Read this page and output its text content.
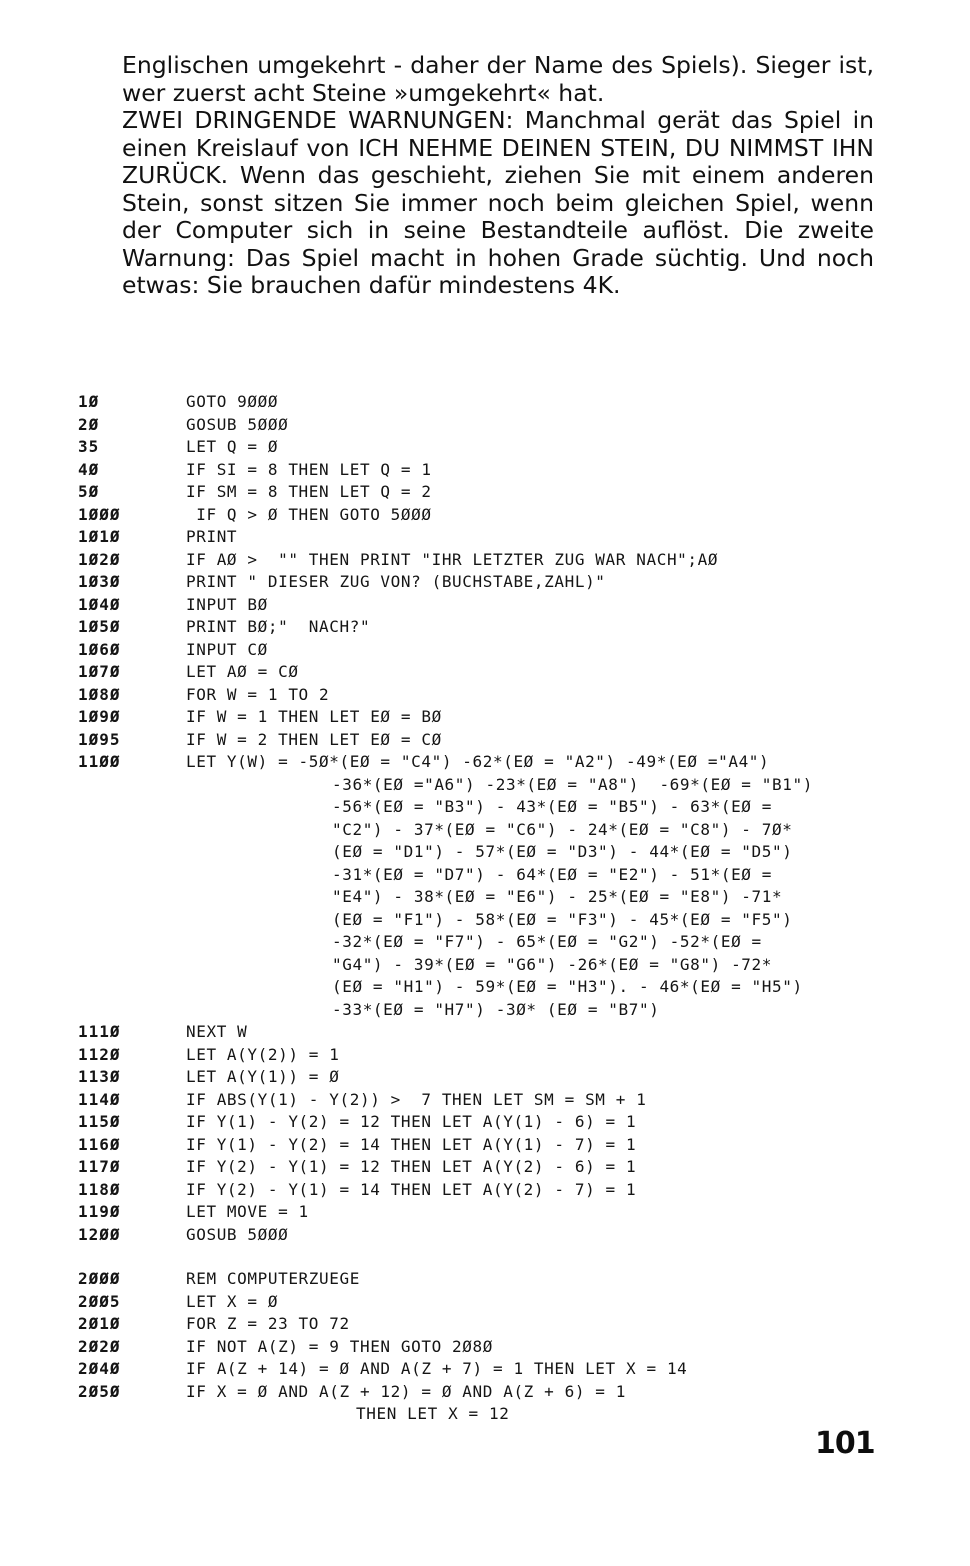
Englischen umgekehrt - daher der Name des Spiels). Sieger ist, wer zuerst acht Steine »umgekehrt« hat.

ZWEI DRINGENDE WARNUNGEN: Manchmal gerät das Spiel in einen Kreislauf von ICH NEHME DEINEN STEIN, DU NIMMST IHN ZURÜCK. Wenn das geschieht, ziehen Sie mit einem anderen Stein, sonst sitzen Sie immer noch beim gleichen Spiel, wenn der Computer sich in seine Bestandteile auflöst. Die zweite Warnung: Das Spiel macht in hohen Grade süchtig. Und noch etwas: Sie brauchen dafür mindestens 4K.

1Ø	GOTO 9ØØØ
2Ø	GOSUB 5ØØØ
35	LET Q = Ø
4Ø	IF SI = 8 THEN LET Q = 1
5Ø	IF SM = 8 THEN LET Q = 2
1ØØØ	IF Q > Ø THEN GOTO 5ØØØ
1Ø1Ø	PRINT
1Ø2Ø	IF AØ >  "" THEN PRINT "IHR LETZTER ZUG WAR NACH";AØ
1Ø3Ø	PRINT " DIESER ZUG VON? (BUCHSTABE,ZAHL)"
1Ø4Ø	INPUT BØ
1Ø5Ø	PRINT BØ;"  NACH?"
1Ø6Ø	INPUT CØ
1Ø7Ø	LET AØ = CØ
1Ø8Ø	FOR W = 1 TO 2
1Ø9Ø	IF W = 1 THEN LET EØ = BØ
1Ø95	IF W = 2 THEN LET EØ = CØ
11ØØ	LET Y(W) = -5Ø*(EØ = "C4") -62*(EØ = "A2") -49*(EØ ="A4")
-36*(EØ ="A6") -23*(EØ = "A8")  -69*(EØ = "B1")
-56*(EØ = "B3") - 43*(EØ = "B5") - 63*(EØ =
"C2") - 37*(EØ = "C6") - 24*(EØ = "C8") - 7Ø*
(EØ = "D1") - 57*(EØ = "D3") - 44*(EØ = "D5")
-31*(EØ = "D7") - 64*(EØ = "E2") - 51*(EØ =
"E4") - 38*(EØ = "E6") - 25*(EØ = "E8") -71*
(EØ = "F1") - 58*(EØ = "F3") - 45*(EØ = "F5")
-32*(EØ = "F7") - 65*(EØ = "G2") -52*(EØ =
"G4") - 39*(EØ = "G6") -26*(EØ = "G8") -72*
(EØ = "H1") - 59*(EØ = "H3"). - 46*(EØ = "H5")
-33*(EØ = "H7") -3Ø* (EØ = "B7")
111Ø	NEXT W
112Ø	LET A(Y(2)) = 1
113Ø	LET A(Y(1)) = Ø
114Ø	IF ABS(Y(1) - Y(2)) >  7 THEN LET SM = SM + 1
115Ø	IF Y(1) - Y(2) = 12 THEN LET A(Y(1) - 6) = 1
116Ø	IF Y(1) - Y(2) = 14 THEN LET A(Y(1) - 7) = 1
117Ø	IF Y(2) - Y(1) = 12 THEN LET A(Y(2) - 6) = 1
118Ø	IF Y(2) - Y(1) = 14 THEN LET A(Y(2) - 7) = 1
119Ø	LET MOVE = 1
12ØØ	GOSUB 5ØØØ
2ØØØ	REM COMPUTERZUEGE
2ØØ5	LET X = Ø
2Ø1Ø	FOR Z = 23 TO 72
2Ø2Ø	IF NOT A(Z) = 9 THEN GOTO 2Ø8Ø
2Ø4Ø	IF A(Z + 14) = Ø AND A(Z + 7) = 1 THEN LET X = 14
2Ø5Ø	IF X = Ø AND A(Z + 12) = Ø AND A(Z + 6) = 1

THEN LET X = 12

101
